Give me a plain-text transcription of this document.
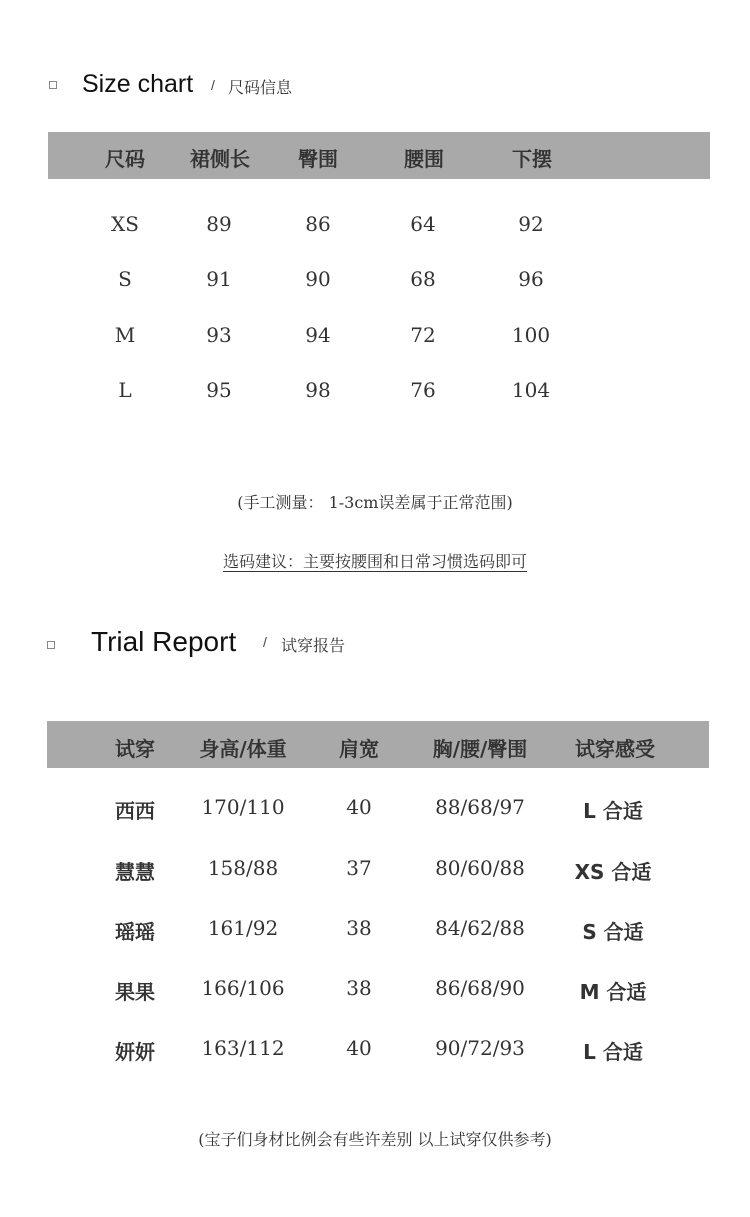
Size chart / 尺码信息
尺码 裙侧长 臀围	腰围	下摆
XS	89	86	64	92
S	91	90	68	96
M	93	94	72	100
L	95	98	76	104
(手工测量： 1-3cm误差属于正常范围)
选码建议：主要按腰围和日常习惯选码即可
Trial Report / 试穿报告
试穿 身高/体重	肩宽	胸/腰/臀围 试穿感受
西西 170/110	40	88/68/97	L 合适
慧慧	158/88	37	80/60/88 XS 合适
瑶瑶	161/92	38	84/62/88	S 合适
果果 166/106	38	86/68/90	M 合适
妍妍 163/112	40	90/72/93	L 合适
(宝子们身材比例会有些许差别 以上试穿仅供参考)
